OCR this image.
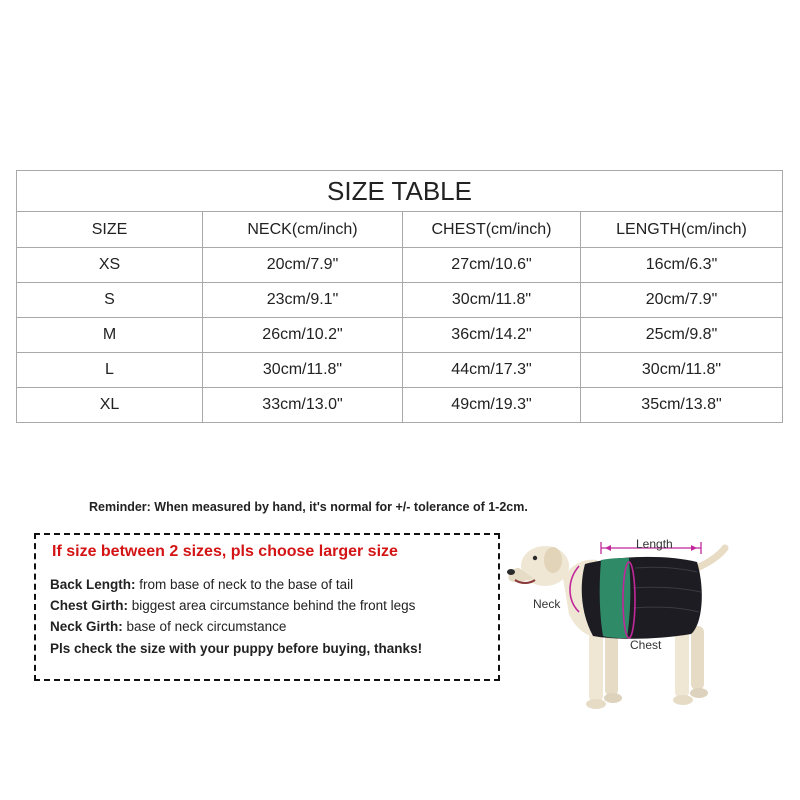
SIZE TABLE			
SIZE	NECK(cm/inch)	CHEST(cm/inch)	LENGTH(cm/inch)
XS	20cm/7.9"	27cm/10.6"	16cm/6.3"
S	23cm/9.1"	30cm/11.8"	20cm/7.9"
M	26cm/10.2"	36cm/14.2"	25cm/9.8"
L	30cm/11.8"	44cm/17.3"	30cm/11.8"
XL	33cm/13.0"	49cm/19.3"	35cm/13.8"
Reminder: When measured by hand, it's normal for +/- tolerance of 1-2cm.
If size between 2 sizes, pls choose larger size
Back Length: from base of neck to the base of tail
Chest Girth: biggest area circumstance behind the front legs
Neck Girth: base of neck circumstance
Pls check the size with your puppy before buying, thanks!
Length
Neck
Chest
